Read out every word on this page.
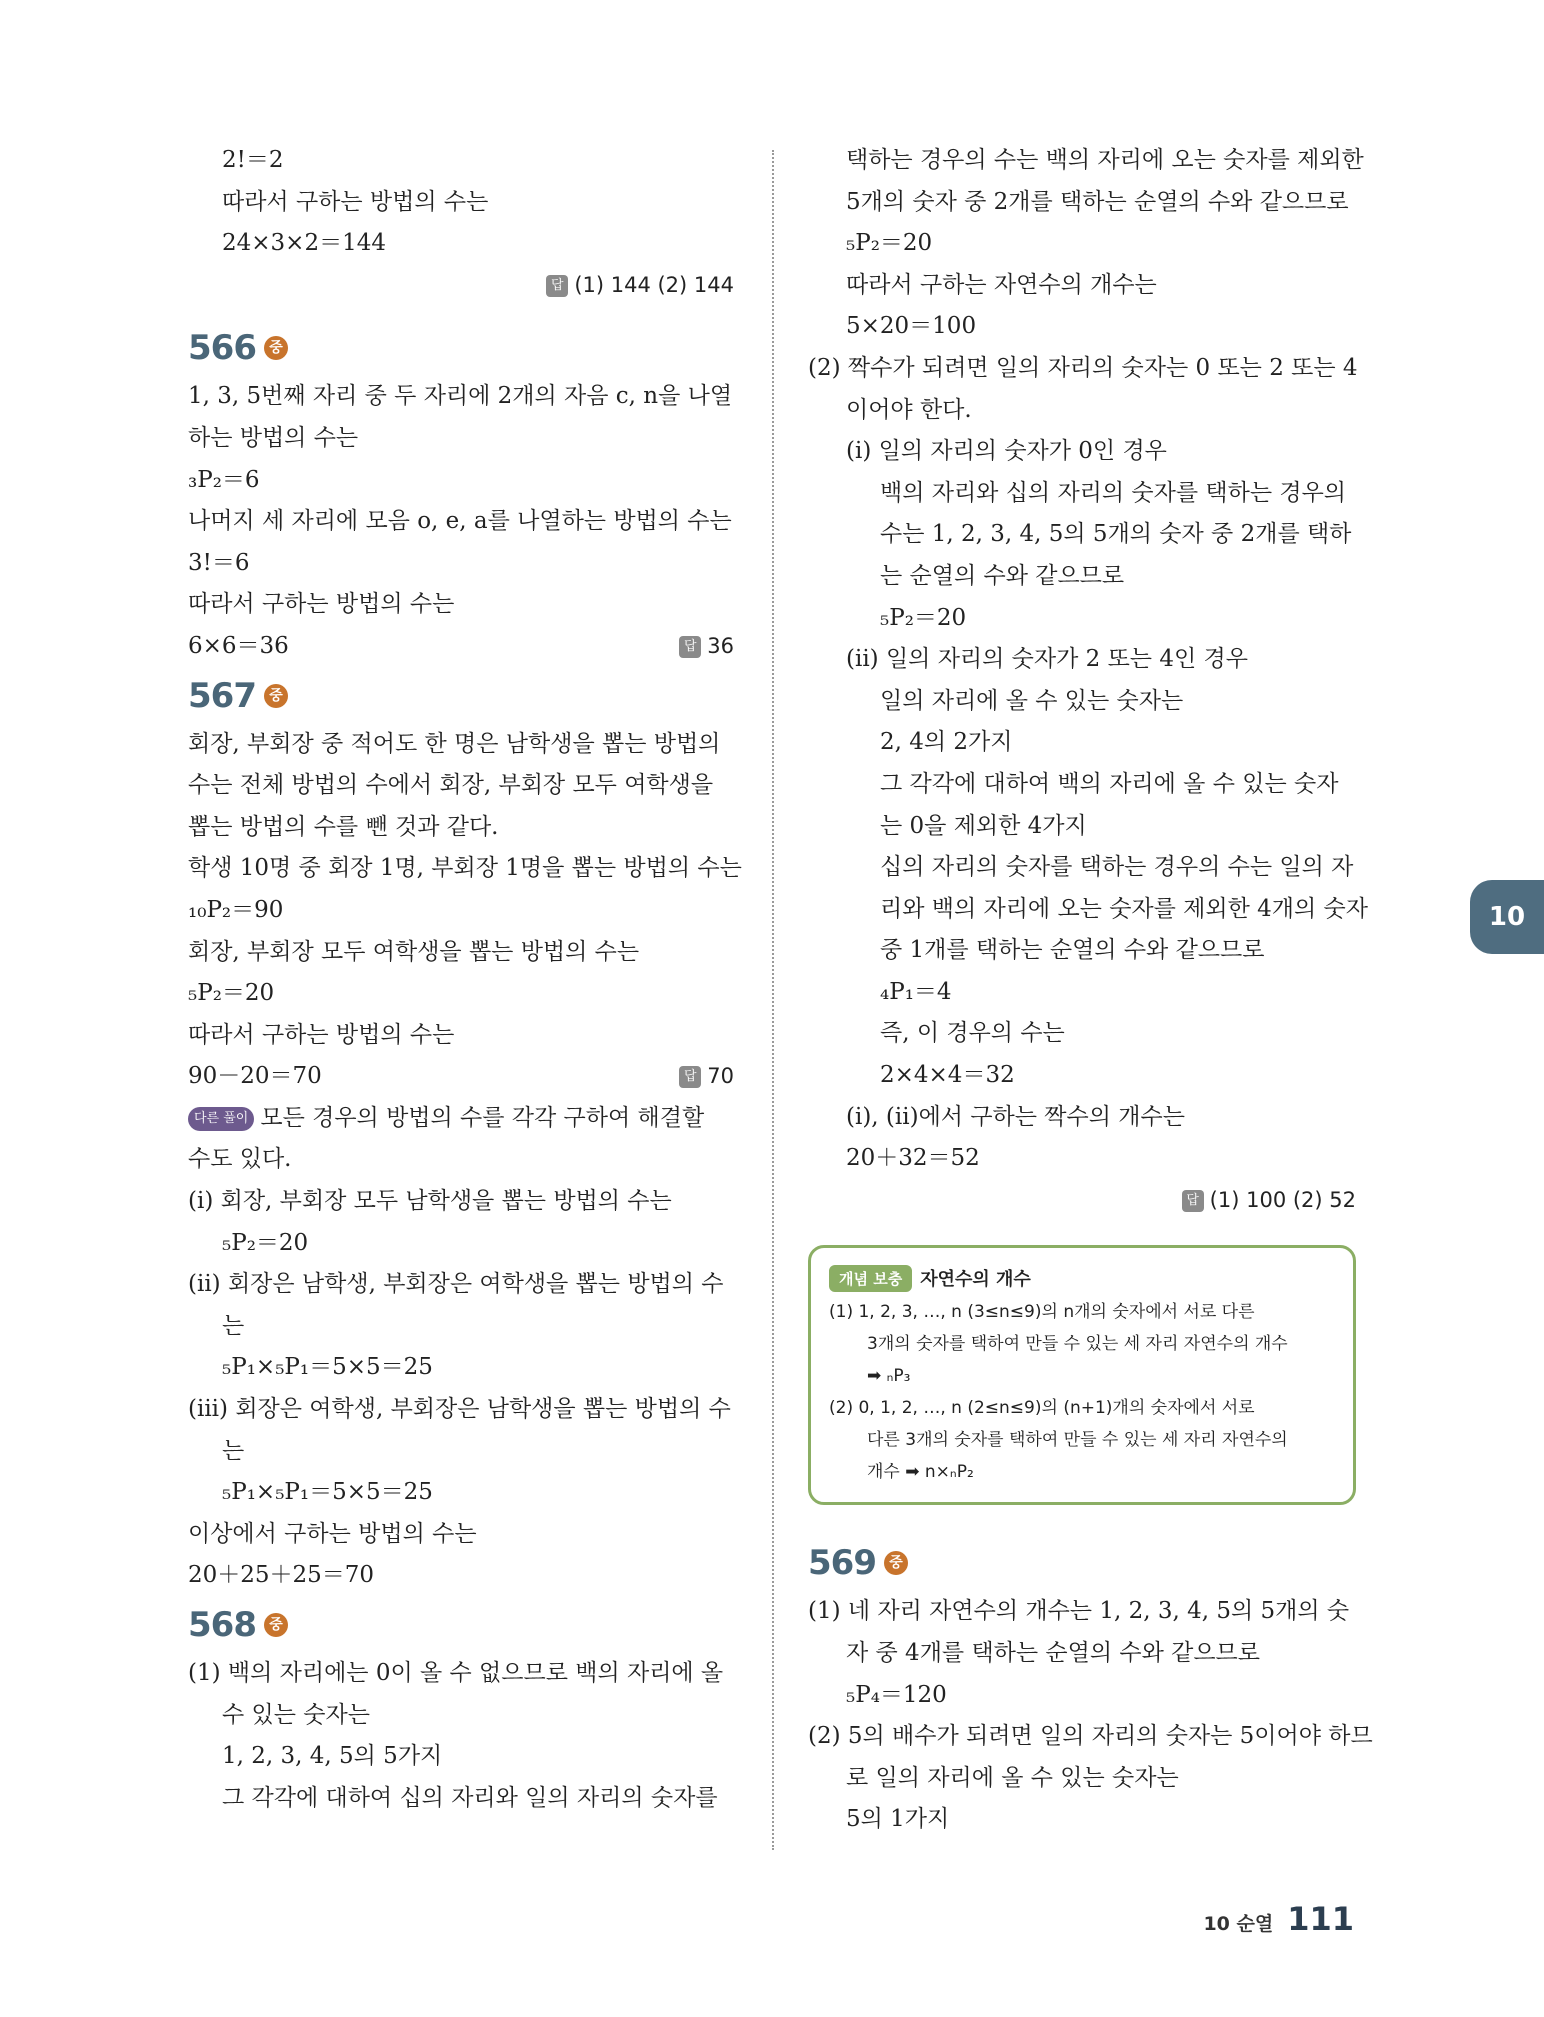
2!＝2
따라서 구하는 방법의 수는
24×3×2＝144
답 (1) 144 (2) 144
566 중
1, 3, 5번째 자리 중 두 자리에 2개의 자음 c, n을 나열
하는 방법의 수는
₃P₂＝6
나머지 세 자리에 모음 o, e, a를 나열하는 방법의 수는
3!＝6
따라서 구하는 방법의 수는
6×6＝36	답 36
567 중
회장, 부회장 중 적어도 한 명은 남학생을 뽑는 방법의
수는 전체 방법의 수에서 회장, 부회장 모두 여학생을
뽑는 방법의 수를 뺀 것과 같다.
학생 10명 중 회장 1명, 부회장 1명을 뽑는 방법의 수는
₁₀P₂＝90
회장, 부회장 모두 여학생을 뽑는 방법의 수는
₅P₂＝20
따라서 구하는 방법의 수는
90－20＝70	답 70
다른 풀이 모든 경우의 방법의 수를 각각 구하여 해결할
수도 있다.
(i) 회장, 부회장 모두 남학생을 뽑는 방법의 수는
₅P₂＝20
(ii) 회장은 남학생, 부회장은 여학생을 뽑는 방법의 수
는
₅P₁×₅P₁＝5×5＝25
(iii) 회장은 여학생, 부회장은 남학생을 뽑는 방법의 수
는
₅P₁×₅P₁＝5×5＝25
이상에서 구하는 방법의 수는
20＋25＋25＝70
568 중
(1) 백의 자리에는 0이 올 수 없으므로 백의 자리에 올
수 있는 숫자는
1, 2, 3, 4, 5의 5가지
그 각각에 대하여 십의 자리와 일의 자리의 숫자를
택하는 경우의 수는 백의 자리에 오는 숫자를 제외한
5개의 숫자 중 2개를 택하는 순열의 수와 같으므로
₅P₂＝20
따라서 구하는 자연수의 개수는
5×20＝100
(2) 짝수가 되려면 일의 자리의 숫자는 0 또는 2 또는 4
이어야 한다.
(i) 일의 자리의 숫자가 0인 경우
백의 자리와 십의 자리의 숫자를 택하는 경우의
수는 1, 2, 3, 4, 5의 5개의 숫자 중 2개를 택하
는 순열의 수와 같으므로
₅P₂＝20
(ii) 일의 자리의 숫자가 2 또는 4인 경우
일의 자리에 올 수 있는 숫자는
2, 4의 2가지
그 각각에 대하여 백의 자리에 올 수 있는 숫자
는 0을 제외한 4가지
십의 자리의 숫자를 택하는 경우의 수는 일의 자
리와 백의 자리에 오는 숫자를 제외한 4개의 숫자
중 1개를 택하는 순열의 수와 같으므로
₄P₁＝4
즉, 이 경우의 수는
2×4×4＝32
(i), (ii)에서 구하는 짝수의 개수는
20＋32＝52
답 (1) 100 (2) 52
개념 보충	자연수의 개수
(1) 1, 2, 3, …, n (3≤n≤9)의 n개의 숫자에서 서로 다른
3개의 숫자를 택하여 만들 수 있는 세 자리 자연수의 개수
➡ ₙP₃
(2) 0, 1, 2, …, n (2≤n≤9)의 (n+1)개의 숫자에서 서로
다른 3개의 숫자를 택하여 만들 수 있는 세 자리 자연수의
개수 ➡ n×ₙP₂
569 중
(1) 네 자리 자연수의 개수는 1, 2, 3, 4, 5의 5개의 숫
자 중 4개를 택하는 순열의 수와 같으므로
₅P₄＝120
(2) 5의 배수가 되려면 일의 자리의 숫자는 5이어야 하므
로 일의 자리에 올 수 있는 숫자는
5의 1가지
10
10 순열 111
